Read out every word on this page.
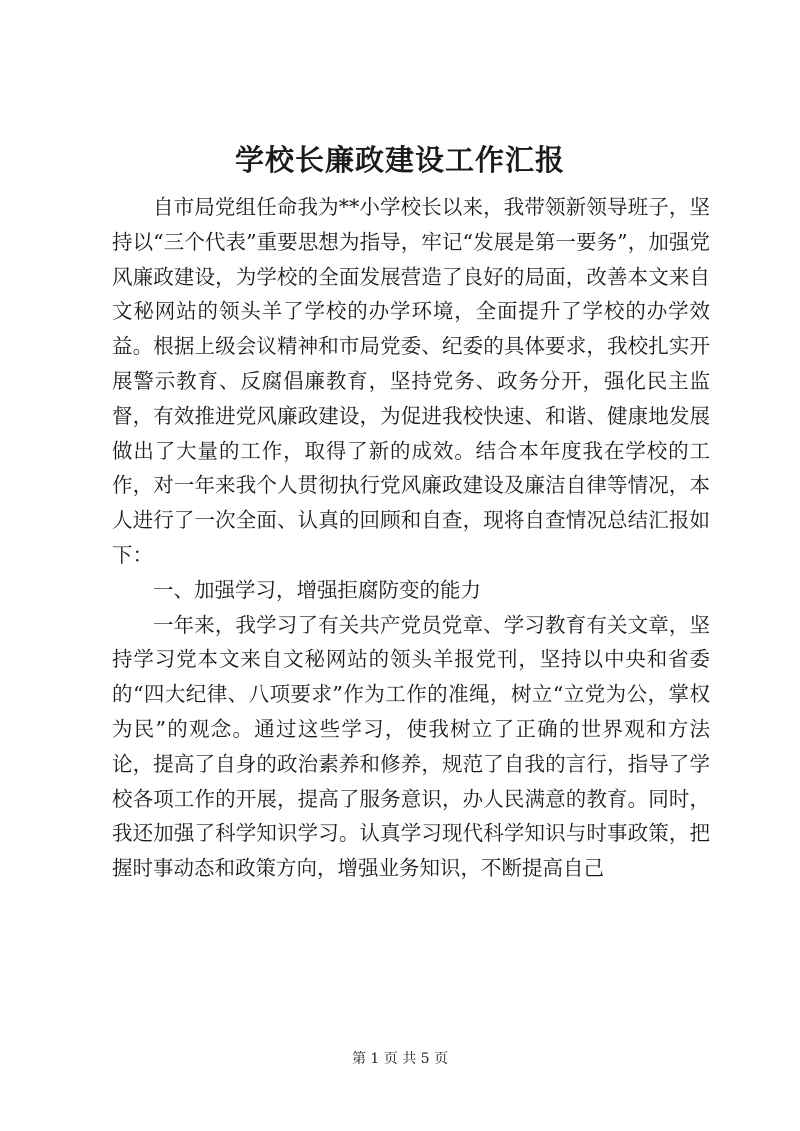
学校长廉政建设工作汇报

自市局党组任命我为**小学校长以来，我带领新领导班子，坚持以“三个代表”重要思想为指导，牢记“发展是第一要务”，加强党风廉政建设，为学校的全面发展营造了良好的局面，改善本文来自文秘网站的领头羊了学校的办学环境，全面提升了学校的办学效益。根据上级会议精神和市局党委、纪委的具体要求，我校扎实开展警示教育、反腐倡廉教育，坚持党务、政务分开，强化民主监督，有效推进党风廉政建设，为促进我校快速、和谐、健康地发展做出了大量的工作，取得了新的成效。结合本年度我在学校的工作，对一年来我个人贯彻执行党风廉政建设及廉洁自律等情况，本人进行了一次全面、认真的回顾和自查，现将自查情况总结汇报如下：

一、加强学习，增强拒腐防变的能力

一年来，我学习了有关共产党员党章、学习教育有关文章，坚持学习党本文来自文秘网站的领头羊报党刊，坚持以中央和省委的“四大纪律、八项要求”作为工作的准绳，树立“立党为公，掌权为民”的观念。通过这些学习，使我树立了正确的世界观和方法论，提高了自身的政治素养和修养，规范了自我的言行，指导了学校各项工作的开展，提高了服务意识，办人民满意的教育。同时，我还加强了科学知识学习。认真学习现代科学知识与时事政策，把握时事动态和政策方向，增强业务知识，不断提高自己

第 1 页 共 5 页
